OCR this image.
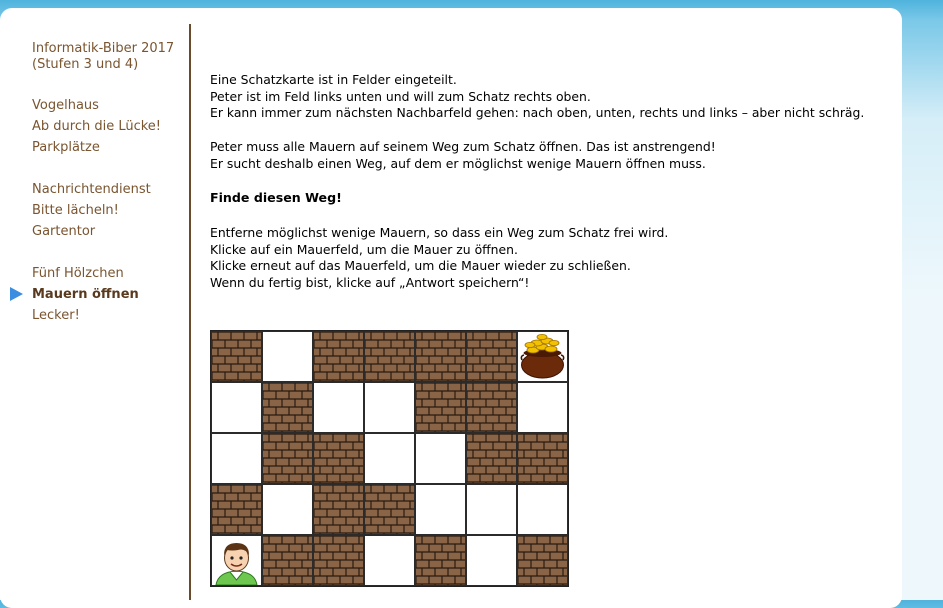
Informatik-Biber 2017
(Stufen 3 und 4)
Vogelhaus
Ab durch die Lücke!
Parkplätze
Nachrichtendienst
Bitte lächeln!
Gartentor
Fünf Hölzchen
Mauern öffnen
Lecker!

Eine Schatzkarte ist in Felder eingeteilt.
Peter ist im Feld links unten und will zum Schatz rechts oben.
Er kann immer zum nächsten Nachbarfeld gehen: nach oben, unten, rechts und links – aber nicht schräg.

Peter muss alle Mauern auf seinem Weg zum Schatz öffnen. Das ist anstrengend!
Er sucht deshalb einen Weg, auf dem er möglichst wenige Mauern öffnen muss.

Finde diesen Weg!

Entferne möglichst wenige Mauern, so dass ein Weg zum Schatz frei wird.
Klicke auf ein Mauerfeld, um die Mauer zu öffnen.
Klicke erneut auf das Mauerfeld, um die Mauer wieder zu schließen.
Wenn du fertig bist, klicke auf „Antwort speichern“!
